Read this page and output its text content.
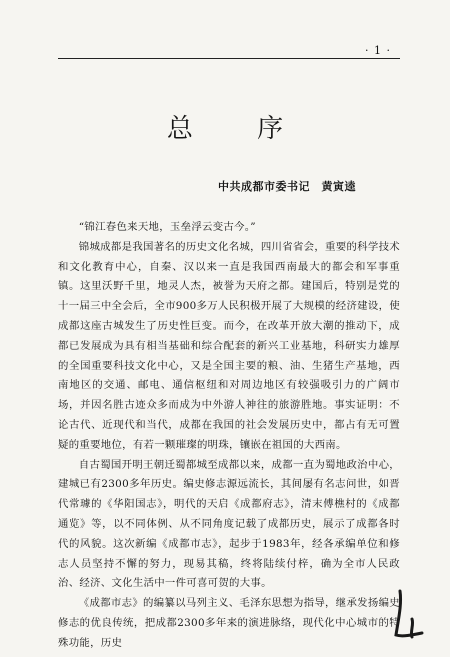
· 1 ·
总 序
中共成都市委书记　黄寅逵

“锦江春色来天地，玉垒浮云变古今。”

锦城成都是我国著名的历史文化名城，四川省省会，重要的科学技术和文化教育中心，自秦、汉以来一直是我国西南最大的都会和军事重镇。这里沃野千里，地灵人杰，被誉为天府之都。建国后，特别是党的十一届三中全会后，全市900多万人民积极开展了大规模的经济建设，使成都这座古城发生了历史性巨变。而今，在改革开放大潮的推动下，成都已发展成为具有相当基础和综合配套的新兴工业基地，科研实力雄厚的全国重要科技文化中心，又是全国主要的粮、油、生猪生产基地，西南地区的交通、邮电、通信枢纽和对周边地区有较强吸引力的广阔市场，并因名胜古迹众多而成为中外游人神往的旅游胜地。事实证明：不论古代、近现代和当代，成都在我国的社会发展历史中，都占有无可置疑的重要地位，有若一颗璀璨的明珠，镶嵌在祖国的大西南。

自古蜀国开明王朝迁蜀都城至成都以来，成都一直为蜀地政治中心，建城已有2300多年历史。编史修志源远流长，其间屡有名志问世，如晋代常璩的《华阳国志》，明代的天启《成都府志》，清末傅樵村的《成都通览》等，以不同体例、从不同角度记载了成都历史，展示了成都各时代的风貌。这次新编《成都市志》，起步于1983年，经各承编单位和修志人员坚持不懈的努力，现易其稿，终将陆续付梓，确为全市人民政治、经济、文化生活中一件可喜可贺的大事。

《成都市志》的编纂以马列主义、毛泽东思想为指导，继承发扬编史修志的优良传统，把成都2300多年来的演进脉络，现代化中心城市的特殊功能，历史
